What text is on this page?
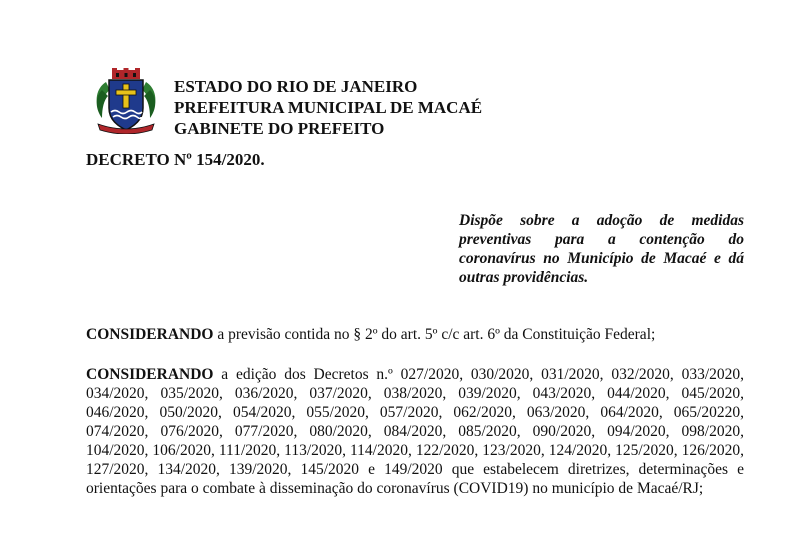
ESTADO DO RIO DE JANEIRO
PREFEITURA MUNICIPAL DE MACAÉ
GABINETE DO PREFEITO
DECRETO Nº 154/2020.
Dispõe sobre a adoção de medidas preventivas para a contenção do coronavírus no Município de Macaé e dá outras providências.
CONSIDERANDO a previsão contida no § 2º do art. 5º c/c art. 6º da Constituição Federal;
CONSIDERANDO a edição dos Decretos n.º 027/2020, 030/2020, 031/2020, 032/2020, 033/2020, 034/2020, 035/2020, 036/2020, 037/2020, 038/2020, 039/2020, 043/2020, 044/2020, 045/2020, 046/2020, 050/2020, 054/2020, 055/2020, 057/2020, 062/2020, 063/2020, 064/2020, 065/20220, 074/2020, 076/2020, 077/2020, 080/2020, 084/2020, 085/2020, 090/2020, 094/2020, 098/2020, 104/2020, 106/2020, 111/2020, 113/2020, 114/2020, 122/2020, 123/2020, 124/2020, 125/2020, 126/2020, 127/2020, 134/2020, 139/2020, 145/2020 e 149/2020 que estabelecem diretrizes, determinações e orientações para o combate à disseminação do coronavírus (COVID19) no município de Macaé/RJ;
